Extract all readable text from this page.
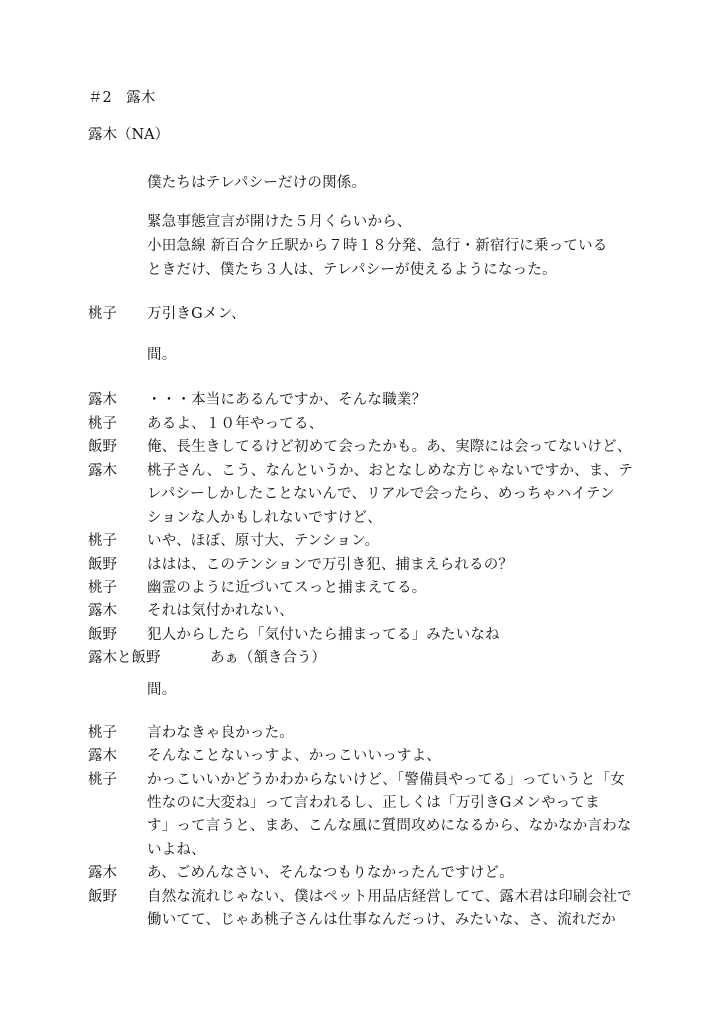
＃2　露木
露木（NA）
僕たちはテレパシーだけの関係。
緊急事態宣言が開けた５月くらいから、
小田急線 新百合ケ丘駅から７時１８分発、急行・新宿行に乗っている
ときだけ、僕たち３人は、テレパシーが使えるようになった。
桃子 万引きGメン、
間。
露木 ・・・本当にあるんですか、そんな職業？
桃子 あるよ、１０年やってる、
飯野 俺、長生きしてるけど初めて会ったかも。あ、実際には会ってないけど、
露木 桃子さん、こう、なんというか、おとなしめな方じゃないですか、ま、テ
レパシーしかしたことないんで、リアルで会ったら、めっちゃハイテン
ションな人かもしれないですけど、
桃子 いや、ほぼ、原寸大、テンション。
飯野 ははは、このテンションで万引き犯、捕まえられるの？
桃子 幽霊のように近づいてスっと捕まえてる。
露木 それは気付かれない、
飯野 犯人からしたら「気付いたら捕まってる」みたいなね
露木と飯野	あぁ（頷き合う）
間。
桃子 言わなきゃ良かった。
露木 そんなことないっすよ、かっこいいっすよ、
桃子 かっこいいかどうかわからないけど、「警備員やってる」っていうと「女
性なのに大変ね」って言われるし、正しくは「万引きGメンやってま
す」って言うと、まあ、こんな風に質問攻めになるから、なかなか言わな
いよね、
露木 あ、ごめんなさい、そんなつもりなかったんですけど。
飯野 自然な流れじゃない、僕はペット用品店経営してて、露木君は印刷会社で
働いてて、じゃあ桃子さんは仕事なんだっけ、みたいな、さ、流れだか
